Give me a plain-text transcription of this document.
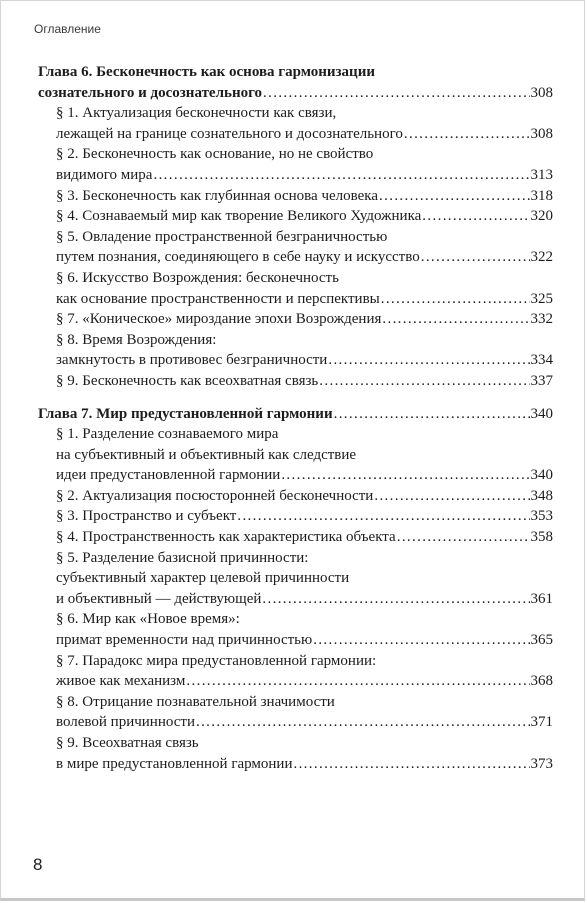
Оглавление
Глава 6. Бесконечность как основа гармонизации
сознательного и досознательного . . .	308
§ 1. Актуализация бесконечности как связи,
лежащей на границе сознательного и досознательного . . .	308
§ 2. Бесконечность как основание, но не свойство
видимого мира . . .	313
§ 3. Бесконечность как глубинная основа человека . . .	318
§ 4. Сознаваемый мир как творение Великого Художника . . .	320
§ 5. Овладение пространственной безграничностью
путем познания, соединяющего в себе науку и искусство . . .	322
§ 6. Искусство Возрождения: бесконечность
как основание пространственности и перспективы . . .	325
§ 7. «Коническое» мироздание эпохи Возрождения . . .	332
§ 8. Время Возрождения:
замкнутость в противовес безграничности . . .	334
§ 9. Бесконечность как всеохватная связь . . .	337
Глава 7. Мир предустановленной гармонии . . .	340
§ 1. Разделение сознаваемого мира
на субъективный и объективный как следствие
идеи предустановленной гармонии . . .	340
§ 2. Актуализация посюсторонней бесконечности . . .	348
§ 3. Пространство и субъект . . .	353
§ 4. Пространственность как характеристика объекта . . .	358
§ 5. Разделение базисной причинности:
субъективный характер целевой причинности
и объективный — действующей . . .	361
§ 6. Мир как «Новое время»:
примат временности над причинностью . . .	365
§ 7. Парадокс мира предустановленной гармонии:
живое как механизм . . .	368
§ 8. Отрицание познавательной значимости
волевой причинности . . .	371
§ 9. Всеохватная связь
в мире предустановленной гармонии . . .	373
8
